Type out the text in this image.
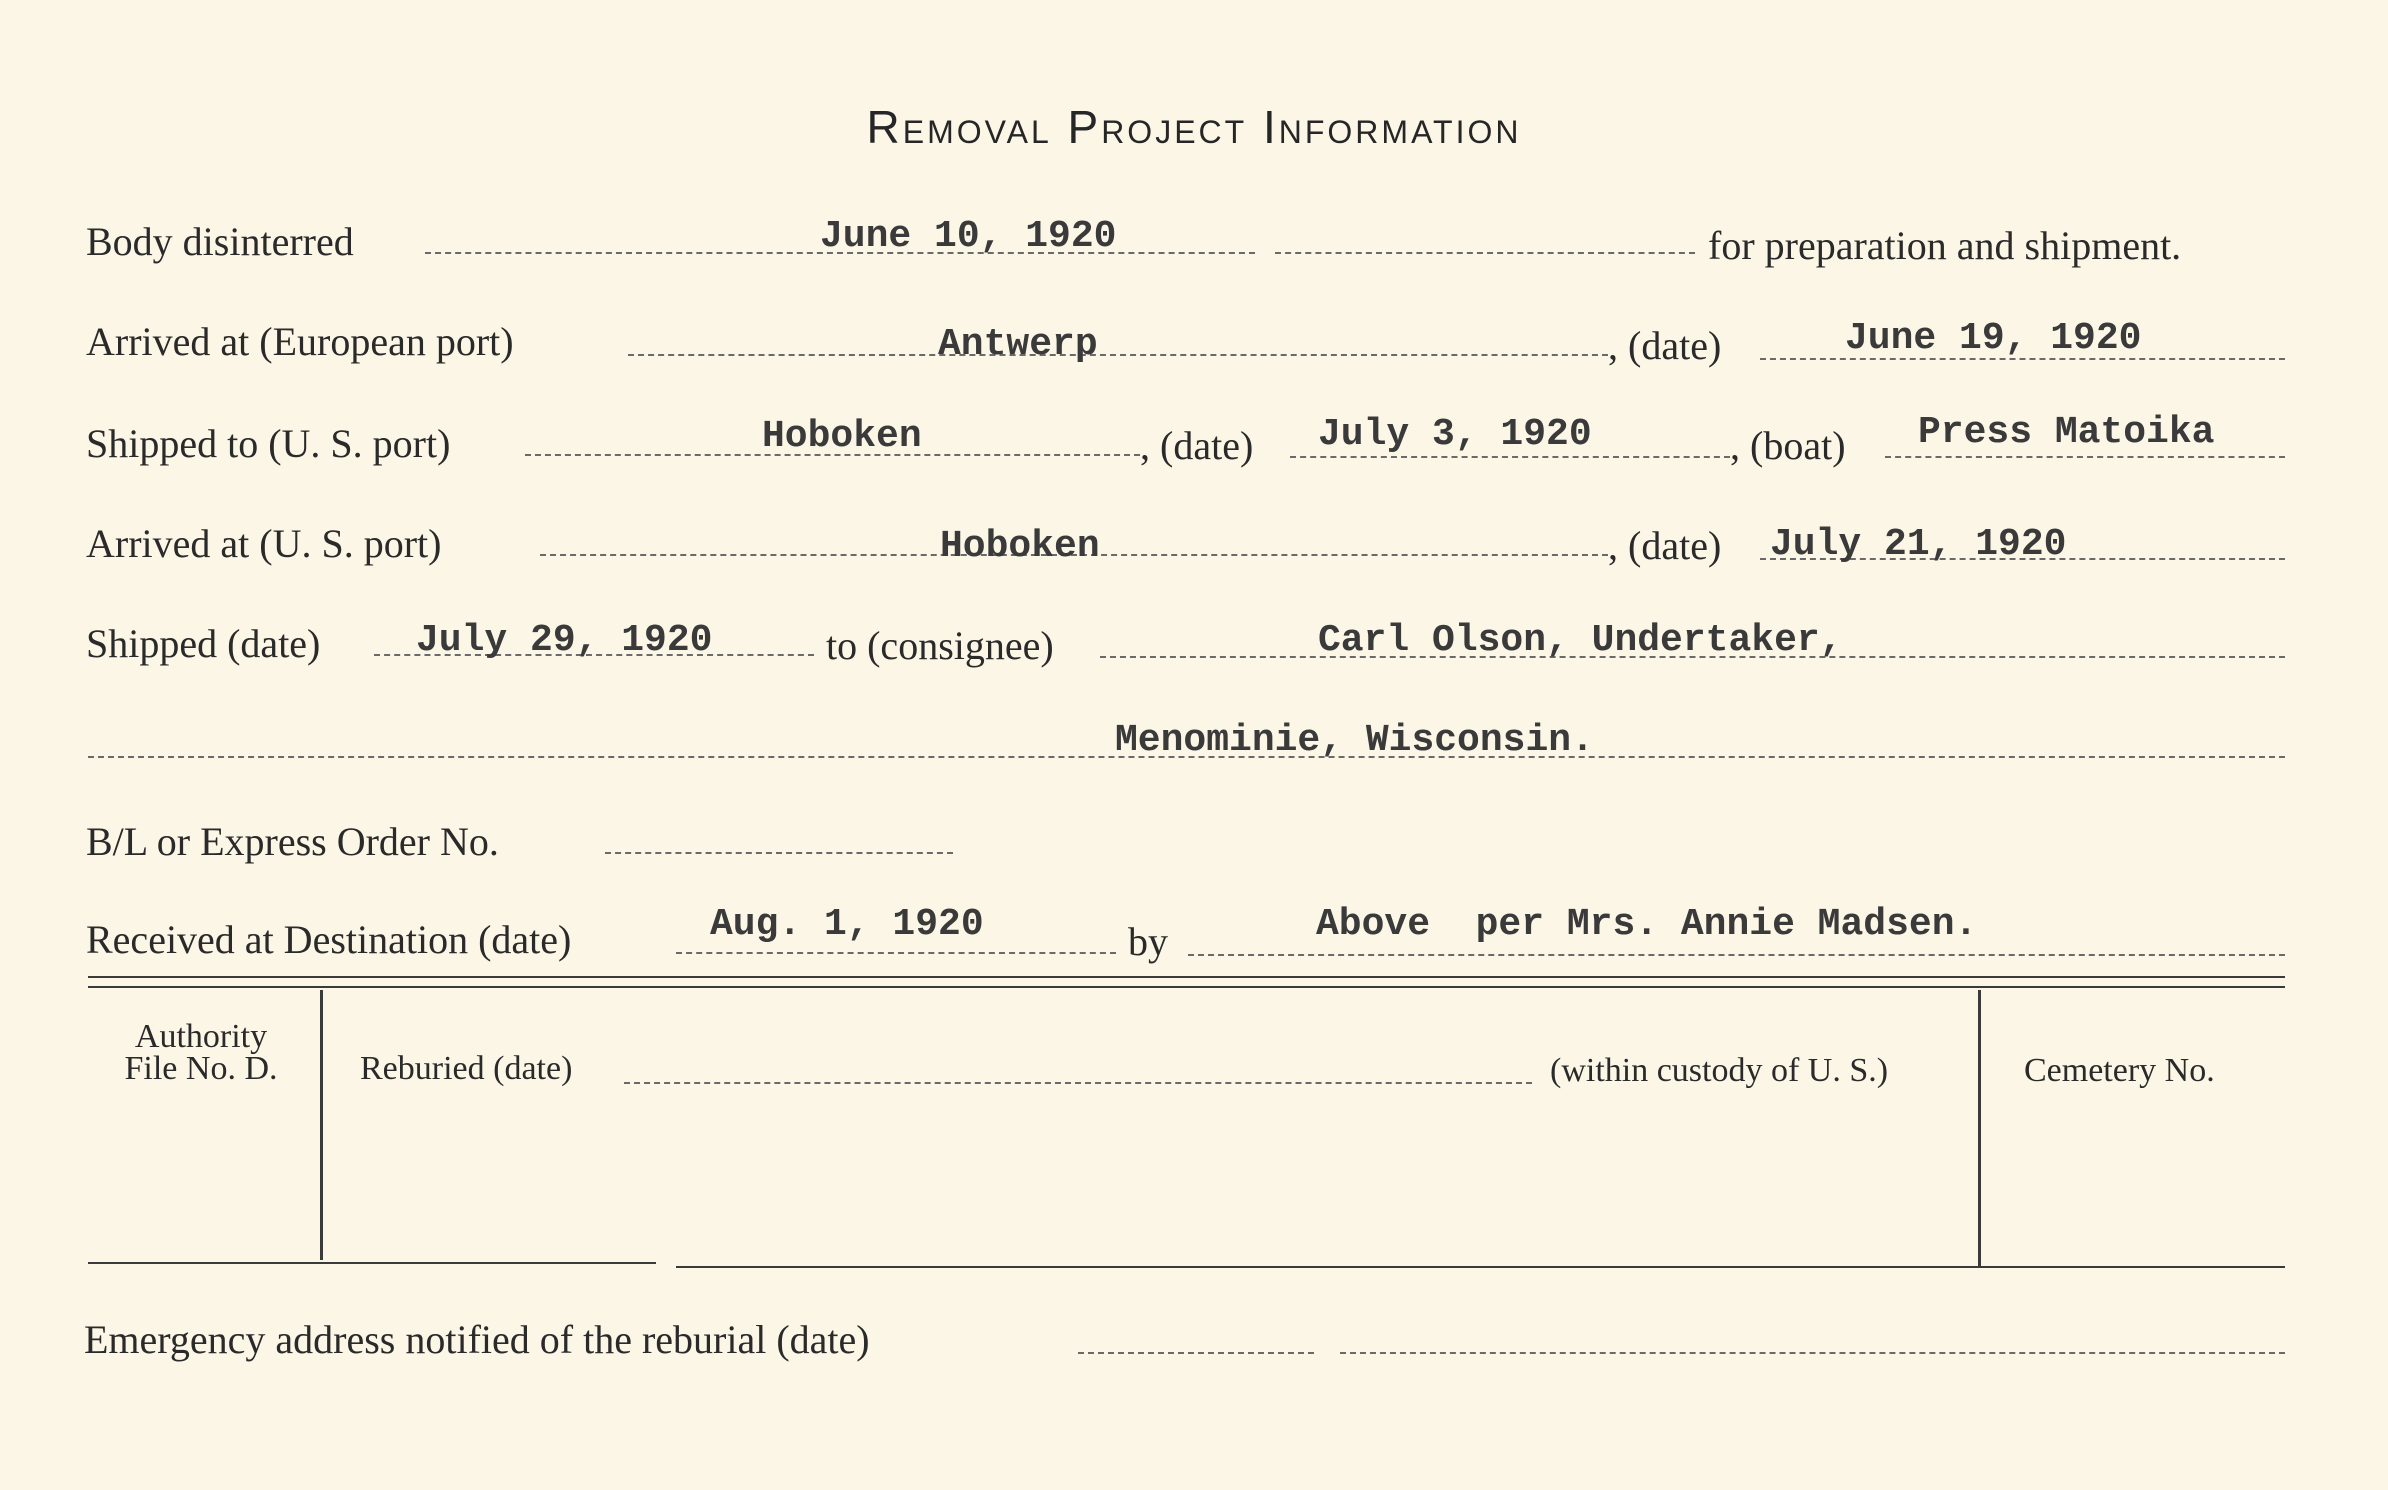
Removal Project Information
Body disinterred	June 10, 1920	for preparation and shipment.
Arrived at (European port)	Antwerp	, (date)	June 19, 1920
Shipped to (U. S. port)	Hoboken	, (date) July 3, 1920	, (boat) Press Matoika
Arrived at (U. S. port)	Hoboken	, (date) July 21, 1920
Shipped (date)	July 29, 1920	to (consignee)	Carl Olson, Undertaker,
Menominie, Wisconsin.
B/L or Express Order No.
Received at Destination (date)	Aug. 1, 1920	by	Above  per Mrs. Annie Madsen.
Authority
File No. D.	Reburied (date)	(within custody of U. S.)	Cemetery No.
Emergency address notified of the reburial (date)
